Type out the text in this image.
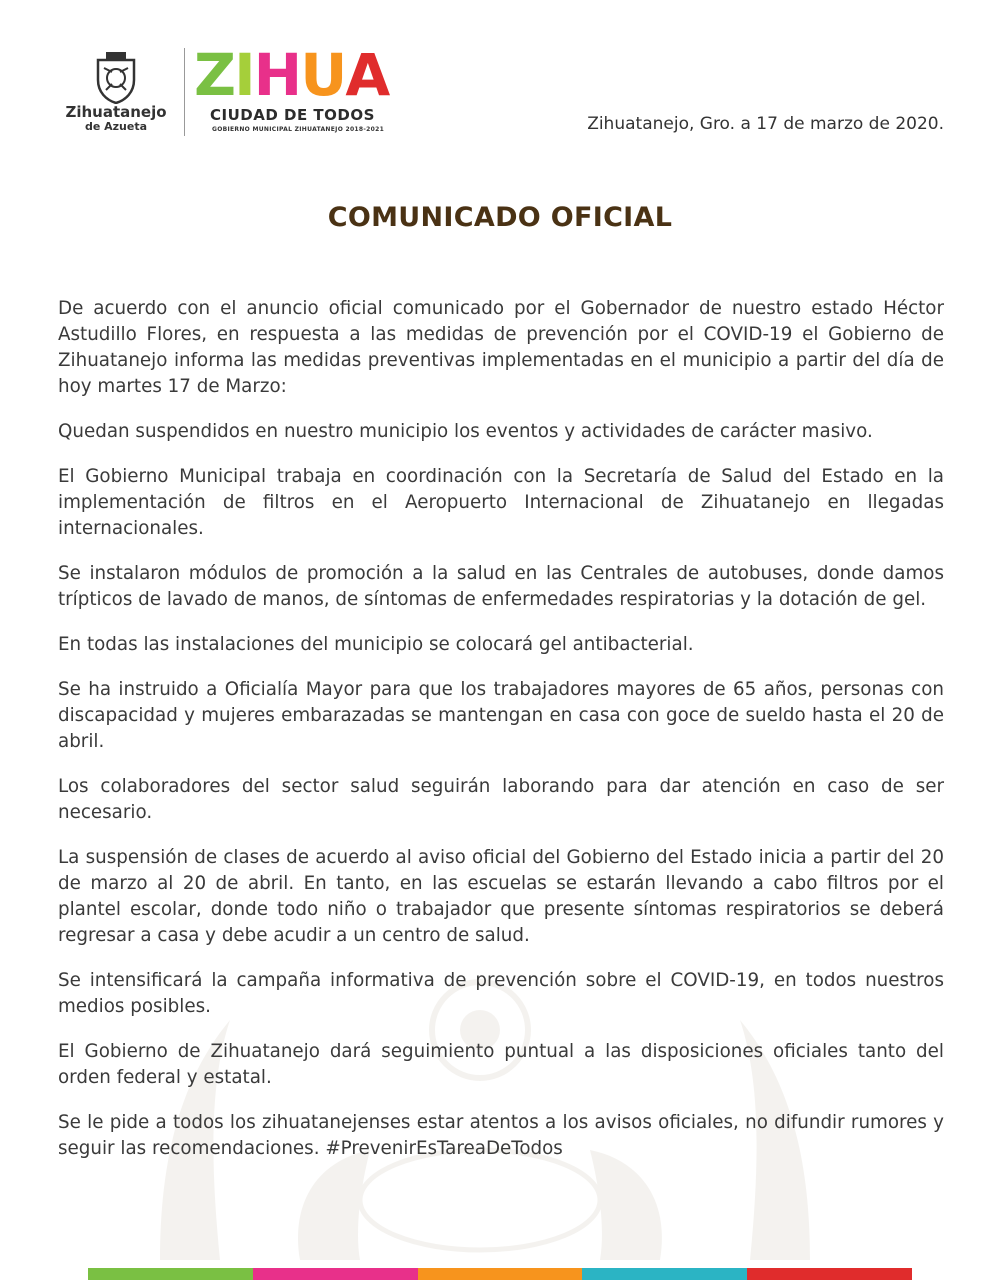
Zihuatanejo
de Azueta
ZIHUA
CIUDAD DE TODOS
GOBIERNO MUNICIPAL ZIHUATANEJO 2018-2021	Zihuatanejo, Gro. a 17 de marzo de 2020.
COMUNICADO OFICIAL

De acuerdo con el anuncio oficial comunicado por el Gobernador de nuestro estado Héctor Astudillo Flores, en respuesta a las medidas de prevención por el COVID-19 el Gobierno de Zihuatanejo informa las medidas preventivas implementadas en el municipio a partir del día de hoy martes 17 de Marzo:

Quedan suspendidos en nuestro municipio los eventos y actividades de carácter masivo.

El Gobierno Municipal trabaja en coordinación con la Secretaría de Salud del Estado en la implementación de filtros en el Aeropuerto Internacional de Zihuatanejo en llegadas internacionales.

Se instalaron módulos de promoción a la salud en las Centrales de autobuses, donde damos trípticos de lavado de manos, de síntomas de enfermedades respiratorias y la dotación de gel.

En todas las instalaciones del municipio se colocará gel antibacterial.

Se ha instruido a Oficialía Mayor para que los trabajadores mayores de 65 años, personas con discapacidad y mujeres embarazadas se mantengan en casa con goce de sueldo hasta el 20 de abril.

Los colaboradores del sector salud seguirán laborando para dar atención en caso de ser necesario.

La suspensión de clases de acuerdo al aviso oficial del Gobierno del Estado inicia a partir del 20 de marzo al 20 de abril. En tanto, en las escuelas se estarán llevando a cabo filtros por el plantel escolar, donde todo niño o trabajador que presente síntomas respiratorios se deberá regresar a casa y debe acudir a un centro de salud.

Se intensificará la campaña informativa de prevención sobre el COVID-19, en todos nuestros medios posibles.

El Gobierno de Zihuatanejo dará seguimiento puntual a las disposiciones oficiales tanto del orden federal y estatal.

Se le pide a todos los zihuatanejenses estar atentos a los avisos oficiales, no difundir rumores y seguir las recomendaciones. #PrevenirEsTareaDeTodos
